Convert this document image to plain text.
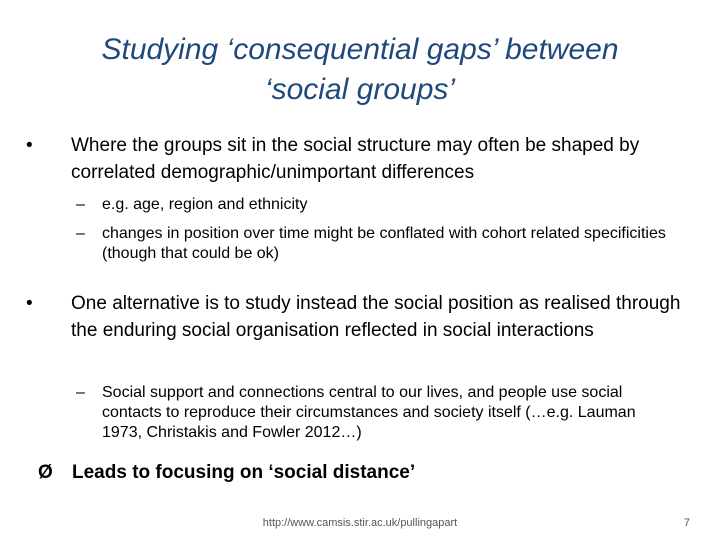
Studying ‘consequential gaps’ between ‘social groups’
•	Where the groups sit in the social structure may often be shaped by correlated demographic/unimportant differences
– e.g. age, region and ethnicity
– changes in position over time might be conflated with cohort related specificities (though that could be ok)
•	One alternative is to study instead the social position as realised through the enduring social organisation reflected in social interactions
– Social support and connections central to our lives, and people use social contacts to reproduce their circumstances and society itself (…e.g. Lauman 1973, Christakis and Fowler 2012…)
Ø Leads to focusing on ‘social distance’
http://www.camsis.stir.ac.uk/pullingapart	7
